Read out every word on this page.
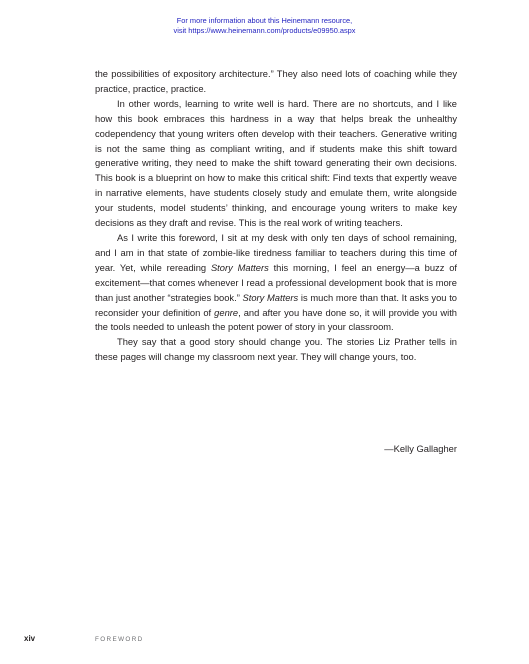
For more information about this Heinemann resource,
visit https://www.heinemann.com/products/e09950.aspx

the possibilities of expository architecture.” They also need lots of coaching while they practice, practice, practice.

In other words, learning to write well is hard. There are no shortcuts, and I like how this book embraces this hardness in a way that helps break the unhealthy codependency that young writers often develop with their teachers. Generative writing is not the same thing as compliant writing, and if students make this shift toward generative writing, they need to make the shift toward generating their own decisions. This book is a blueprint on how to make this critical shift: Find texts that expertly weave in narrative elements, have students closely study and emulate them, write alongside your students, model students’ thinking, and encourage young writers to make key decisions as they draft and revise. This is the real work of writing teachers.

As I write this foreword, I sit at my desk with only ten days of school remaining, and I am in that state of zombie-like tiredness familiar to teachers during this time of year. Yet, while rereading Story Matters this morning, I feel an energy—a buzz of excitement—that comes whenever I read a professional development book that is more than just another “strategies book.” Story Matters is much more than that. It asks you to reconsider your definition of genre, and after you have done so, it will provide you with the tools needed to unleash the potent power of story in your classroom.

They say that a good story should change you. The stories Liz Prather tells in these pages will change my classroom next year. They will change yours, too.

—Kelly Gallagher
xiv	FOREWORD
